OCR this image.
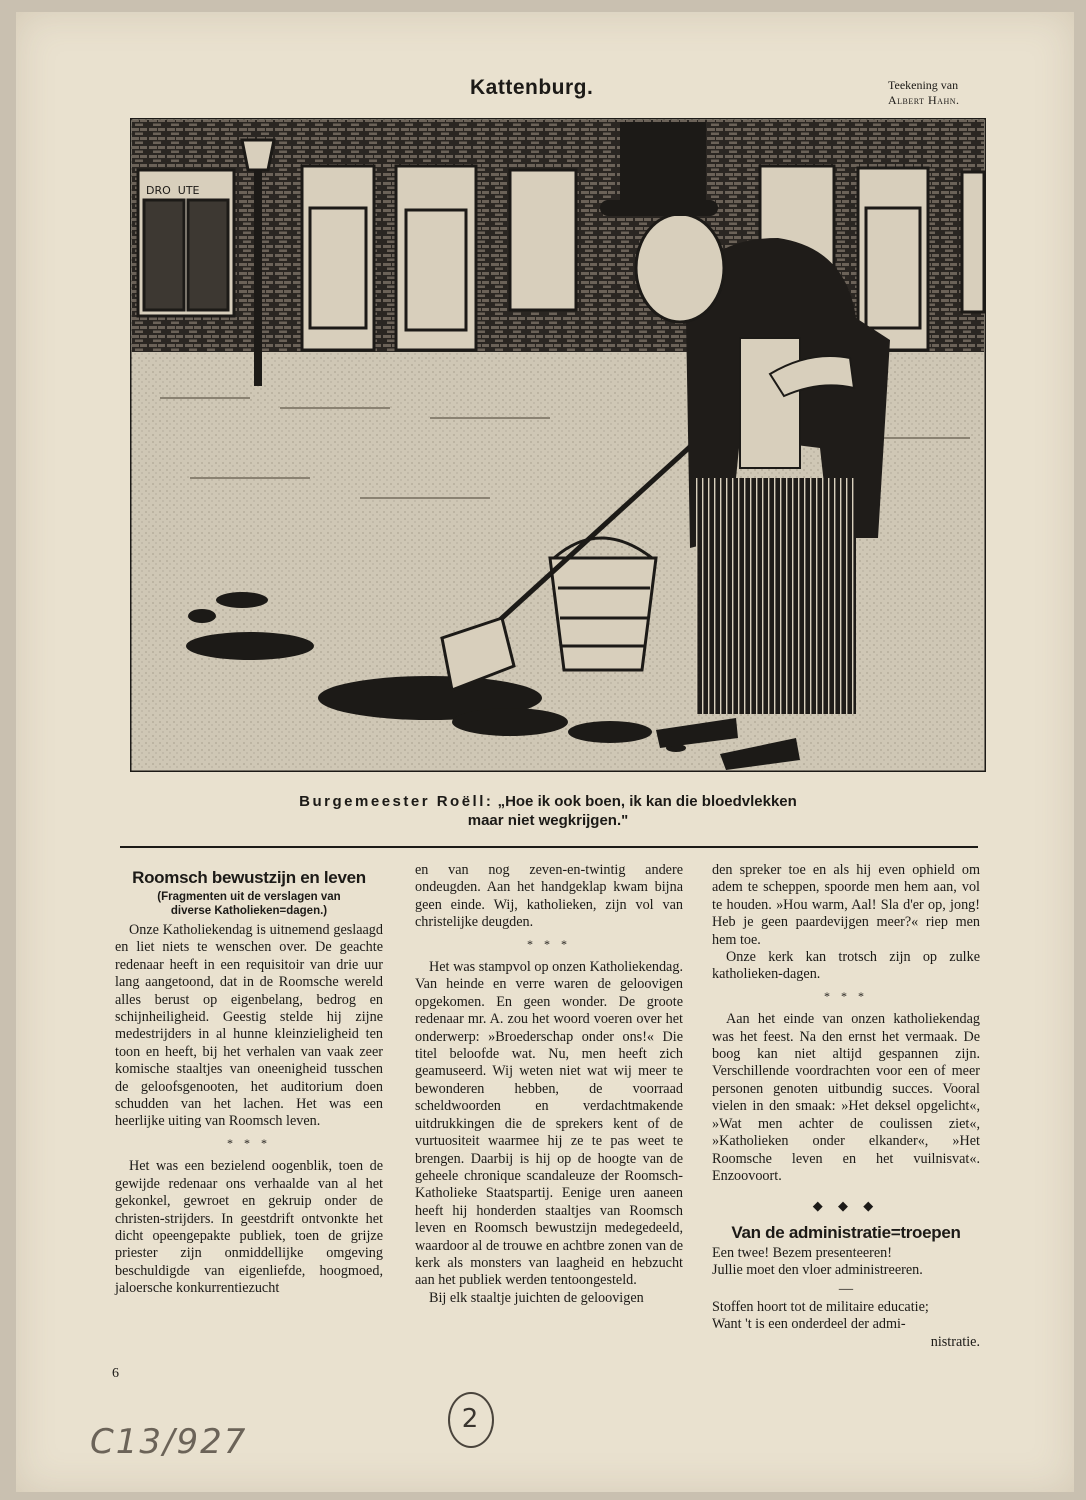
Kattenburg.	Teekening van
Albert Hahn.
DRO  UTE
Burgemeester Roëll: „Hoe ik ook boen, ik kan die bloedvlekken
maar niet wegkrijgen."
Roomsch bewustzijn en leven
(Fragmenten uit de verslagen van
diverse Katholieken=dagen.)

Onze Katholiekendag is uitnemend geslaagd en liet niets te wenschen over. De geachte redenaar heeft in een requisitoir van drie uur lang aangetoond, dat in de Roomsche wereld alles berust op eigenbelang, bedrog en schijnheiligheid. Geestig stelde hij zijne medestrijders in al hunne kleinzieligheid ten toon en heeft, bij het verhalen van vaak zeer komische staaltjes van oneenigheid tusschen de geloofsgenooten, het auditorium doen schudden van het lachen. Het was een heerlijke uiting van Roomsch leven.

* * *

Het was een bezielend oogenblik, toen de gewijde redenaar ons verhaalde van al het gekonkel, gewroet en gekruip onder de christen-strijders. In geestdrift ontvonkte het dicht opeengepakte publiek, toen de grijze priester zijn onmiddellijke omgeving beschuldigde van eigenliefde, hoogmoed, jaloersche konkurrentiezucht

en van nog zeven-en-twintig andere ondeugden. Aan het handgeklap kwam bijna geen einde. Wij, katholieken, zijn vol van christelijke deugden.

* * *

Het was stampvol op onzen Katholiekendag. Van heinde en verre waren de geloovigen opgekomen. En geen wonder. De groote redenaar mr. A. zou het woord voeren over het onderwerp: »Broederschap onder ons!« Die titel beloofde wat. Nu, men heeft zich geamuseerd. Wij weten niet wat wij meer te bewonderen hebben, de voorraad scheldwoorden en verdachtmakende uitdrukkingen die de sprekers kent of de vurtuositeit waarmee hij ze te pas weet te brengen. Daarbij is hij op de hoogte van de geheele chronique scandaleuze der Roomsch-Katholieke Staatspartij. Eenige uren aaneen heeft hij honderden staaltjes van Roomsch leven en Roomsch bewustzijn medegedeeld, waardoor al de trouwe en achtbre zonen van de kerk als monsters van laagheid en hebzucht aan het publiek werden tentoongesteld.

Bij elk staaltje juichten de geloovigen

den spreker toe en als hij even ophield om adem te scheppen, spoorde men hem aan, vol te houden. »Hou warm, Aal! Sla d'er op, jong! Heb je geen paardevijgen meer?« riep men hem toe.

Onze kerk kan trotsch zijn op zulke katholieken-dagen.

* * *

Aan het einde van onzen katholiekendag was het feest. Na den ernst het vermaak. De boog kan niet altijd gespannen zijn. Verschillende voordrachten voor een of meer personen genoten uitbundig succes. Vooral vielen in den smaak: »Het deksel opgelicht«, »Wat men achter de coulissen ziet«, »Katholieken onder elkander«, »Het Roomsche leven en het vuilnisvat«. Enzoovoort.

◆ ◆ ◆
Van de administratie=troepen
Een twee! Bezem presenteeren!
Jullie moet den vloer administreeren.
—
Stoffen hoort tot de militaire educatie;
Want 't is een onderdeel der admi-
nistratie.
6
C13/927
2
